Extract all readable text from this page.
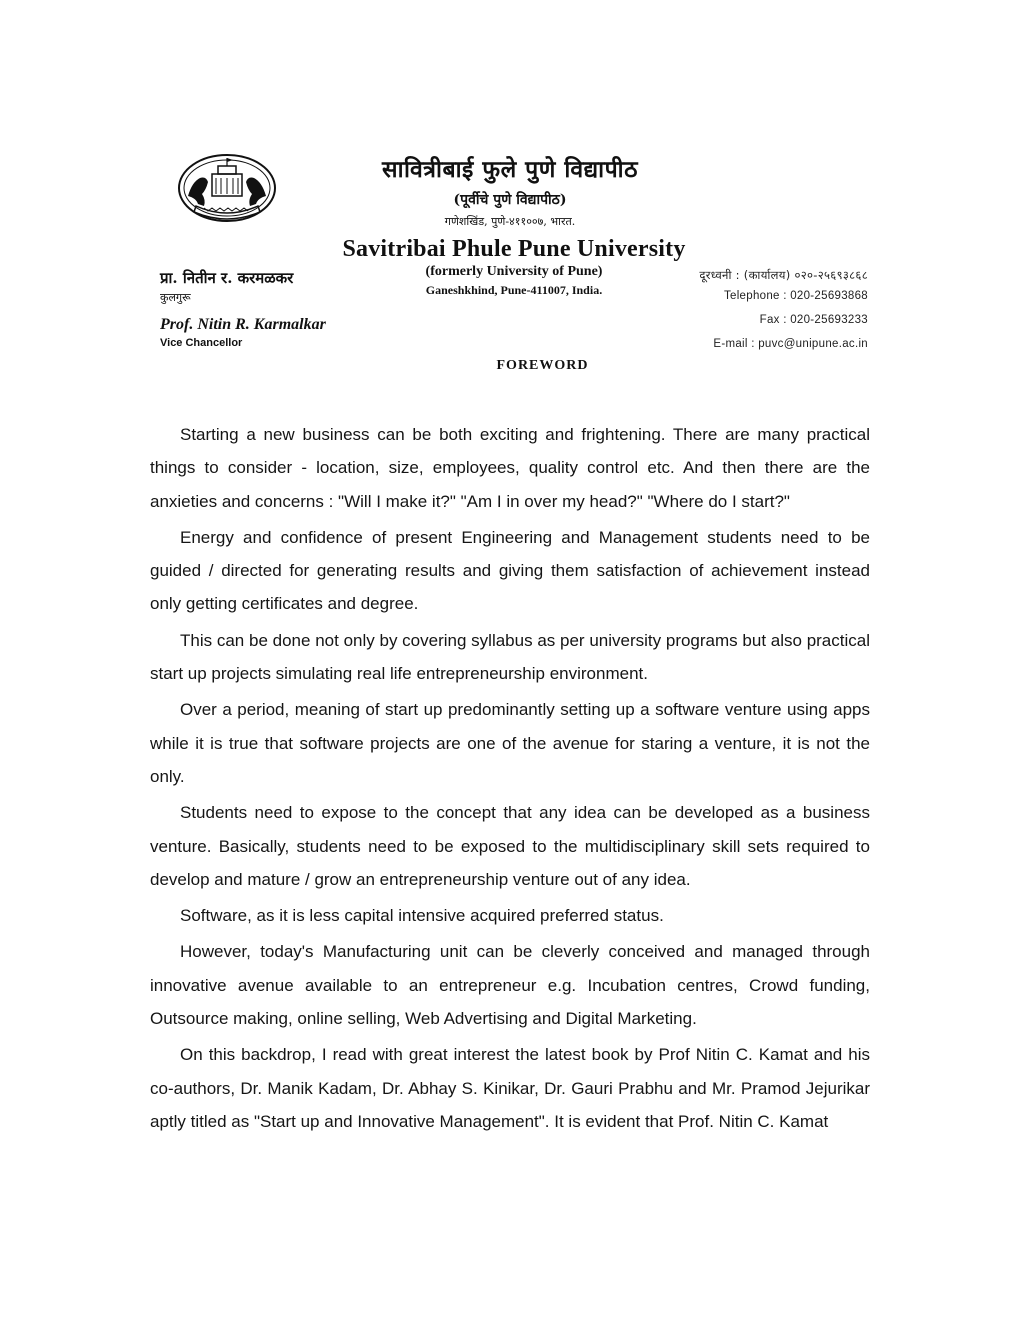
सावित्रीबाई फुले पुणे विद्यापीठ
(पूर्वीचे पुणे विद्यापीठ)
गणेशखिंड, पुणे-४११००७, भारत.
Savitribai Phule Pune University
(formerly University of Pune)
Ganeshkhind, Pune-411007, India.
प्रा. नितीन र. करमळकर
कुलगुरू
Prof. Nitin R. Karmalkar
Vice Chancellor
दूरध्वनी : (कार्यालय) ०२०-२५६९३८६८
Telephone : 020-25693868
Fax : 020-25693233
E-mail : puvc@unipune.ac.in
FOREWORD

Starting a new business can be both exciting and frightening. There are many practical things to consider - location, size, employees, quality control etc. And then there are the anxieties and concerns : "Will I make it?" "Am I in over my head?" "Where do I start?"

Energy and confidence of present Engineering and Management students need to be guided / directed for generating results and giving them satisfaction of achievement instead only getting certificates and degree.

This can be done not only by covering syllabus as per university programs but also practical start up projects simulating real life entrepreneurship environment.

Over a period, meaning of start up predominantly setting up a software venture using apps while it is true that software projects are one of the avenue for staring a venture, it is not the only.

Students need to expose to the concept that any idea can be developed as a business venture. Basically, students need to be exposed to the multidisciplinary skill sets required to develop and mature / grow an entrepreneurship venture out of any idea.

Software, as it is less capital intensive acquired preferred status.

However, today's Manufacturing unit can be cleverly conceived and managed through innovative avenue available to an entrepreneur e.g. Incubation centres, Crowd funding, Outsource making, online selling, Web Advertising and Digital Marketing.

On this backdrop, I read with great interest the latest book by Prof Nitin C. Kamat and his co-authors, Dr. Manik Kadam, Dr. Abhay S. Kinikar, Dr. Gauri Prabhu and Mr. Pramod Jejurikar aptly titled as "Start up and Innovative Management". It is evident that Prof. Nitin C. Kamat
